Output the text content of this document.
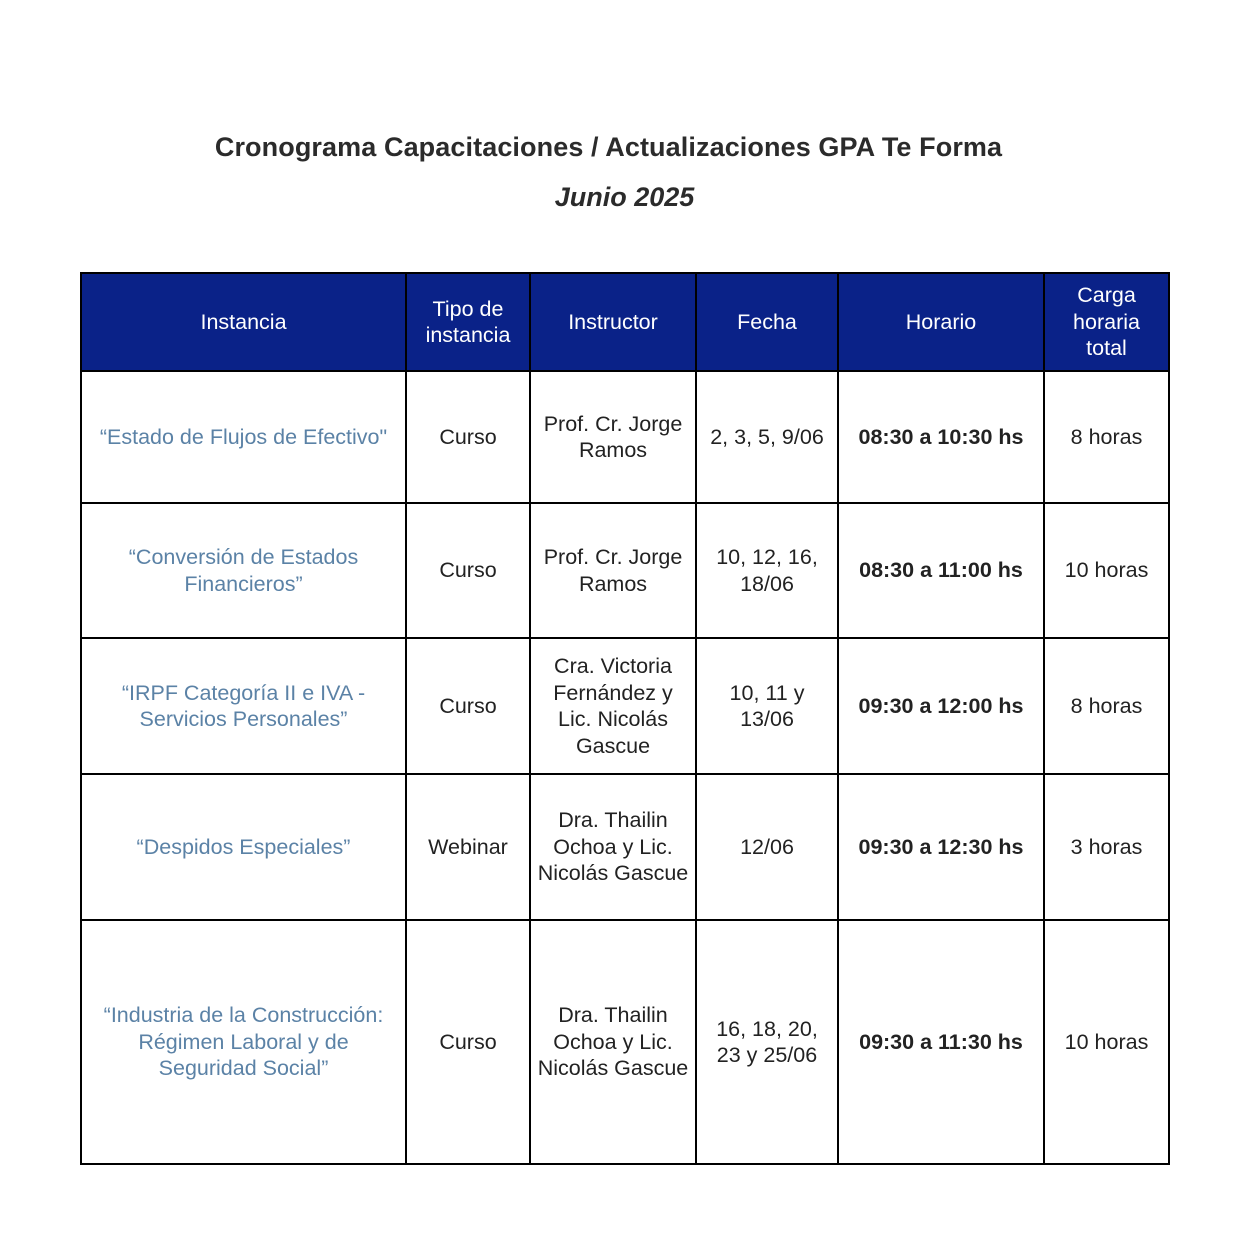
Cronograma Capacitaciones / Actualizaciones GPA Te Forma
Junio 2025
Instancia	Tipo de instancia	Instructor	Fecha	Horario	Carga horaria total
“Estado de Flujos de Efectivo"	Curso	Prof. Cr. Jorge Ramos	2, 3, 5, 9/06	08:30 a 10:30 hs	8 horas
“Conversión de Estados Financieros”	Curso	Prof. Cr. Jorge Ramos	10, 12, 16, 18/06	08:30 a 11:00 hs	10 horas
“IRPF Categoría II e IVA - Servicios Personales”	Curso	Cra. Victoria Fernández y Lic. Nicolás Gascue	10, 11 y 13/06	09:30 a 12:00 hs	8 horas
“Despidos Especiales”	Webinar	Dra. Thailin Ochoa y Lic. Nicolás Gascue	12/06	09:30 a 12:30 hs	3 horas
“Industria de la Construcción: Régimen Laboral y de Seguridad Social”	Curso	Dra. Thailin Ochoa y Lic. Nicolás Gascue	16, 18, 20, 23 y 25/06	09:30 a 11:30 hs	10 horas
